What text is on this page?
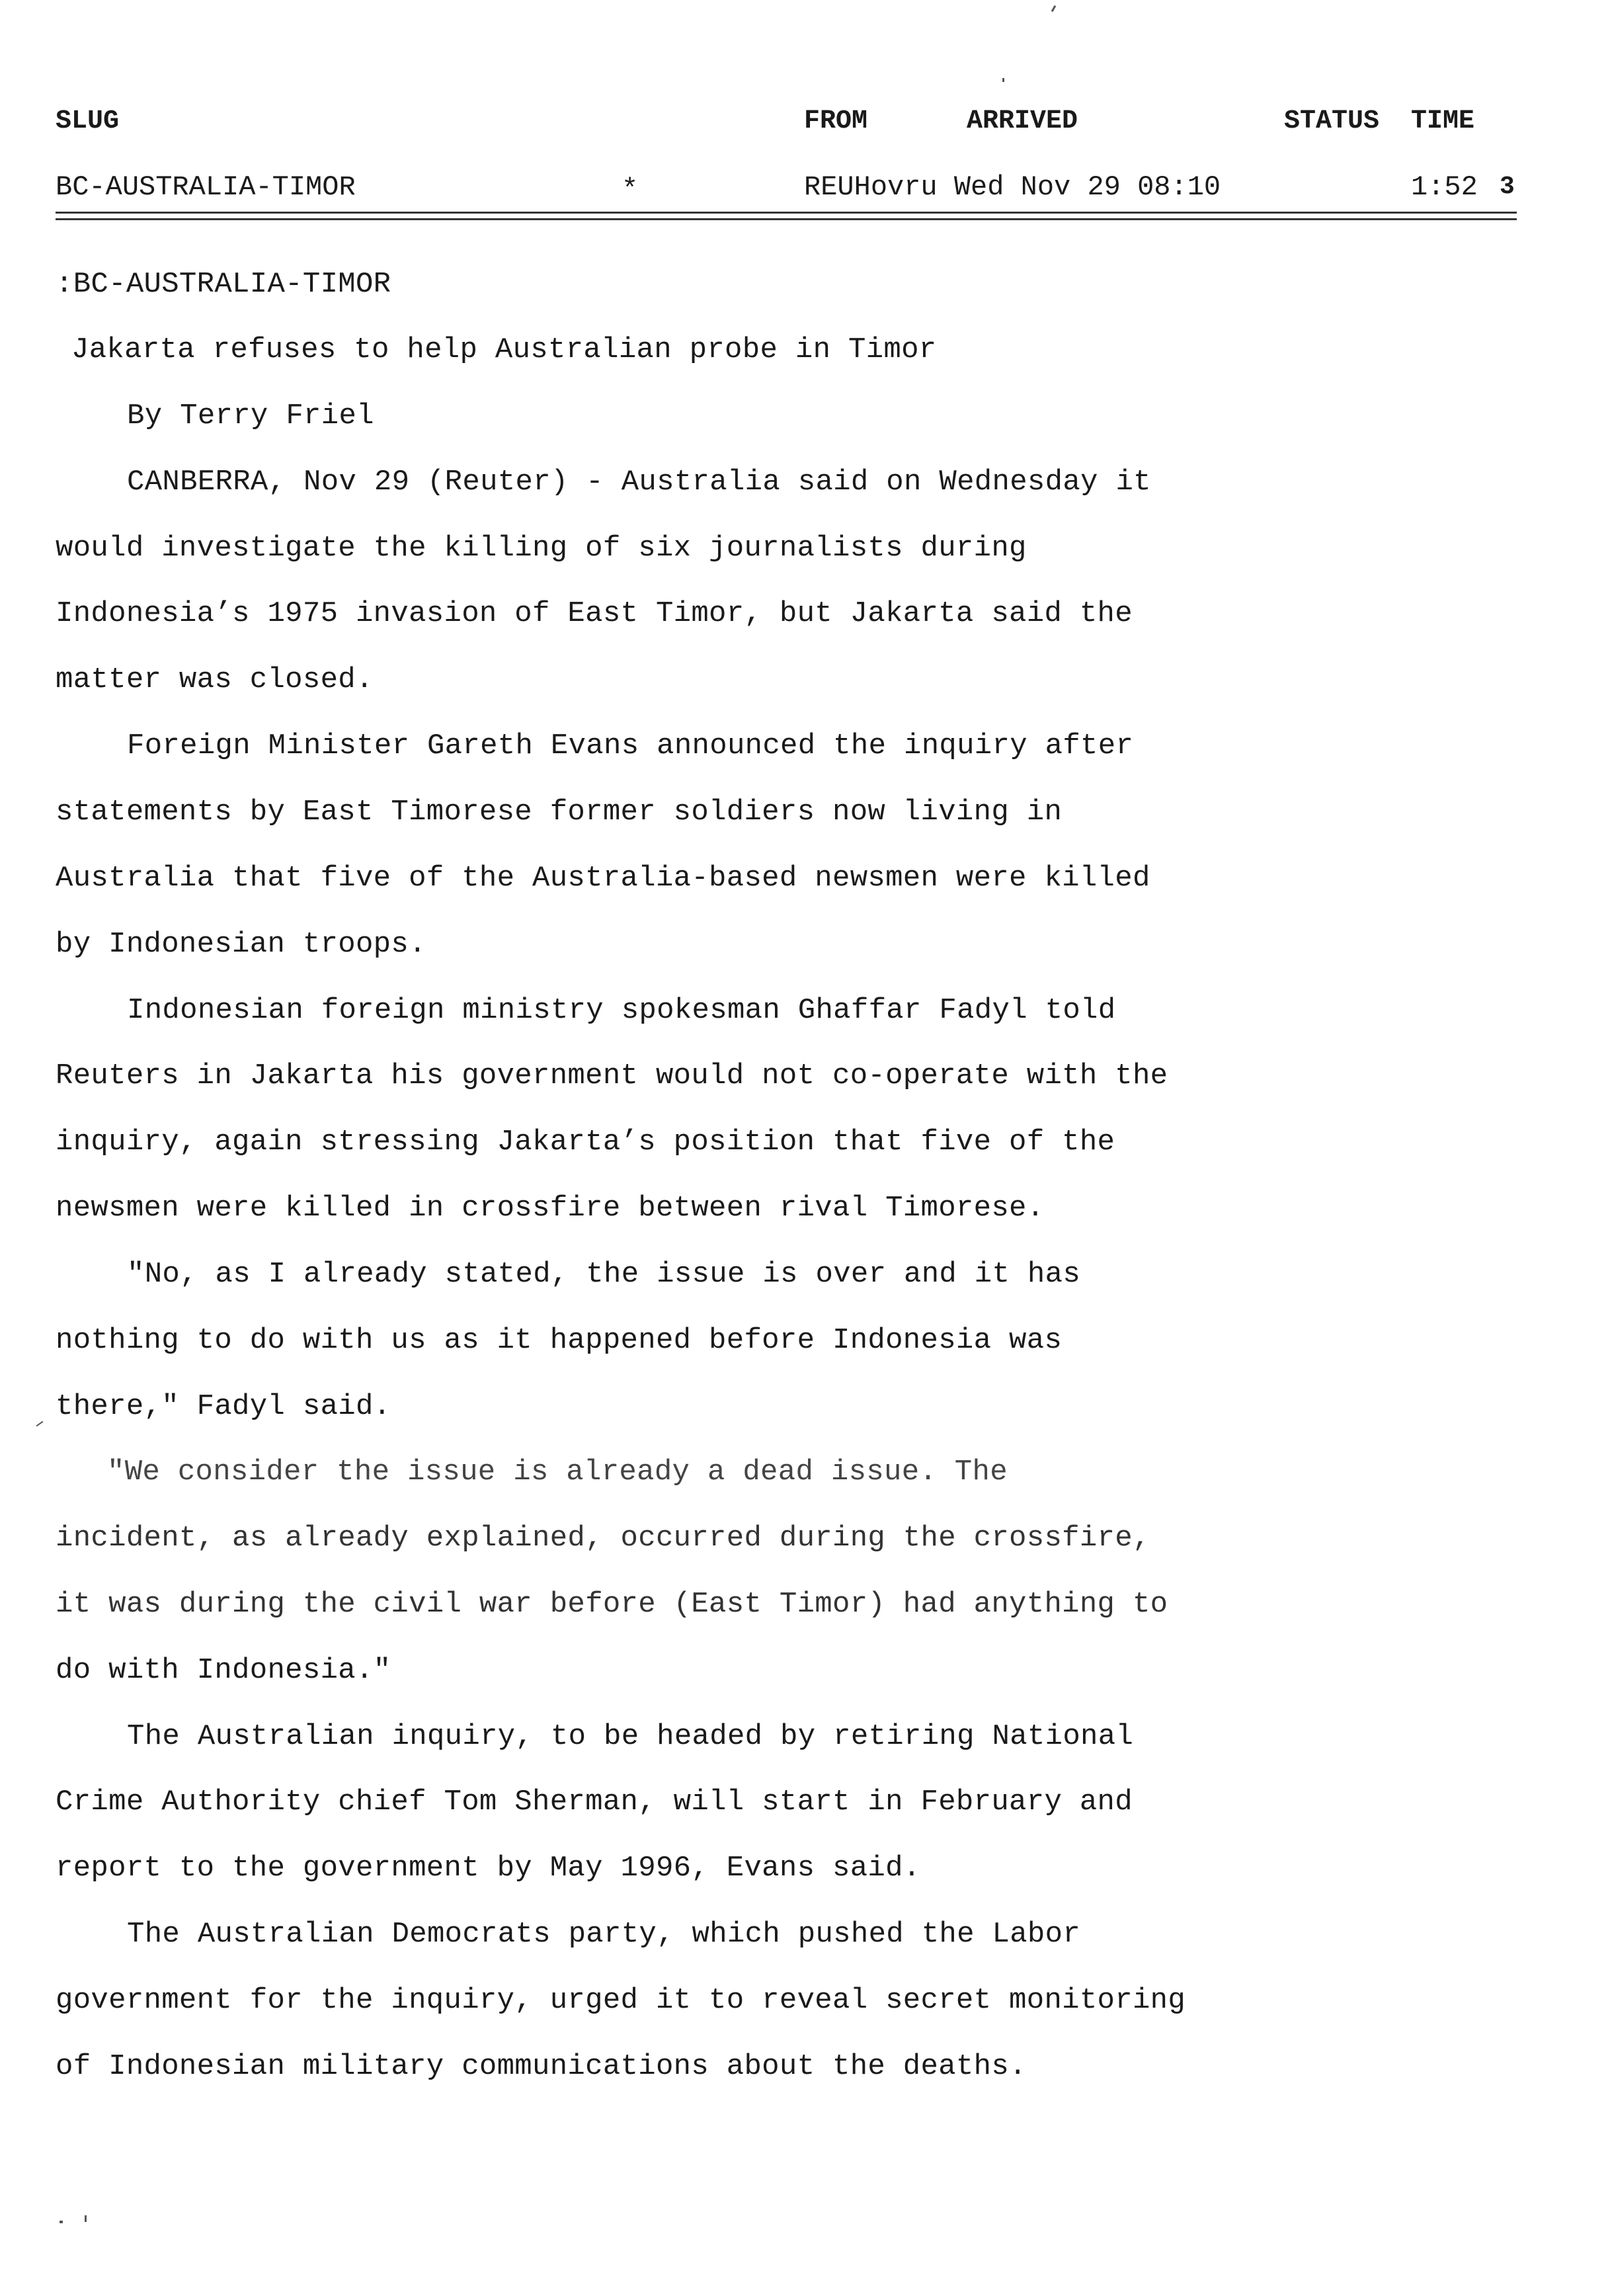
SLUG	FROM	ARRIVED	STATUS TIME
BC-AUSTRALIA-TIMOR	*	REUHovru Wed Nov 29 08:10	1:52 3
:BC-AUSTRALIA-TIMOR
Jakarta refuses to help Australian probe in Timor
By Terry Friel
CANBERRA, Nov 29 (Reuter) - Australia said on Wednesday it
would investigate the killing of six journalists during
Indonesia’s 1975 invasion of East Timor, but Jakarta said the
matter was closed.
Foreign Minister Gareth Evans announced the inquiry after
statements by East Timorese former soldiers now living in
Australia that five of the Australia-based newsmen were killed
by Indonesian troops.
Indonesian foreign ministry spokesman Ghaffar Fadyl told
Reuters in Jakarta his government would not co-operate with the
inquiry, again stressing Jakarta’s position that five of the
newsmen were killed in crossfire between rival Timorese.
"No, as I already stated, the issue is over and it has
nothing to do with us as it happened before Indonesia was
there," Fadyl said.
"We consider the issue is already a dead issue. The
incident, as already explained, occurred during the crossfire,
it was during the civil war before (East Timor) had anything to
do with Indonesia."
The Australian inquiry, to be headed by retiring National
Crime Authority chief Tom Sherman, will start in February and
report to the government by May 1996, Evans said.
The Australian Democrats party, which pushed the Labor
government for the inquiry, urged it to reveal secret monitoring
of Indonesian military communications about the deaths.
